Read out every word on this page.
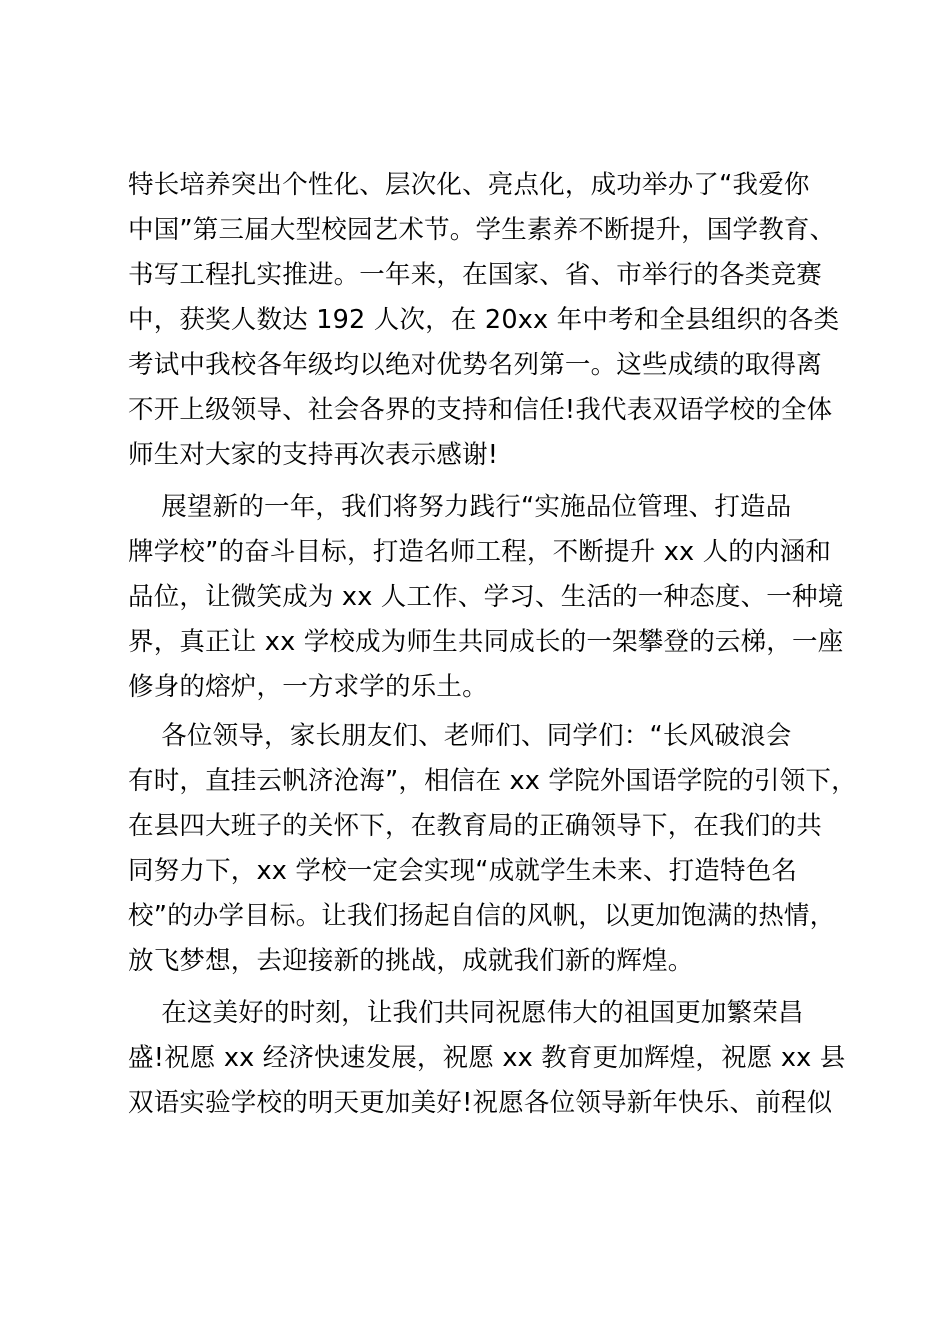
特长培养突出个性化、层次化、亮点化，成功举办了“我爱你
中国”第三届大型校园艺术节。学生素养不断提升，国学教育、
书写工程扎实推进。一年来，在国家、省、市举行的各类竞赛
中，获奖人数达 192 人次，在 20xx 年中考和全县组织的各类
考试中我校各年级均以绝对优势名列第一。这些成绩的取得离
不开上级领导、社会各界的支持和信任!我代表双语学校的全体
师生对大家的支持再次表示感谢!
展望新的一年，我们将努力践行“实施品位管理、打造品
牌学校”的奋斗目标，打造名师工程，不断提升 xx 人的内涵和
品位，让微笑成为 xx 人工作、学习、生活的一种态度、一种境
界，真正让 xx 学校成为师生共同成长的一架攀登的云梯，一座
修身的熔炉，一方求学的乐土。
各位领导，家长朋友们、老师们、同学们：“长风破浪会
有时，直挂云帆济沧海”，相信在 xx 学院外国语学院的引领下，
在县四大班子的关怀下，在教育局的正确领导下，在我们的共
同努力下，xx 学校一定会实现“成就学生未来、打造特色名
校”的办学目标。让我们扬起自信的风帆，以更加饱满的热情，
放飞梦想，去迎接新的挑战，成就我们新的辉煌。
在这美好的时刻，让我们共同祝愿伟大的祖国更加繁荣昌
盛!祝愿 xx 经济快速发展，祝愿 xx 教育更加辉煌，祝愿 xx 县
双语实验学校的明天更加美好!祝愿各位领导新年快乐、前程似
